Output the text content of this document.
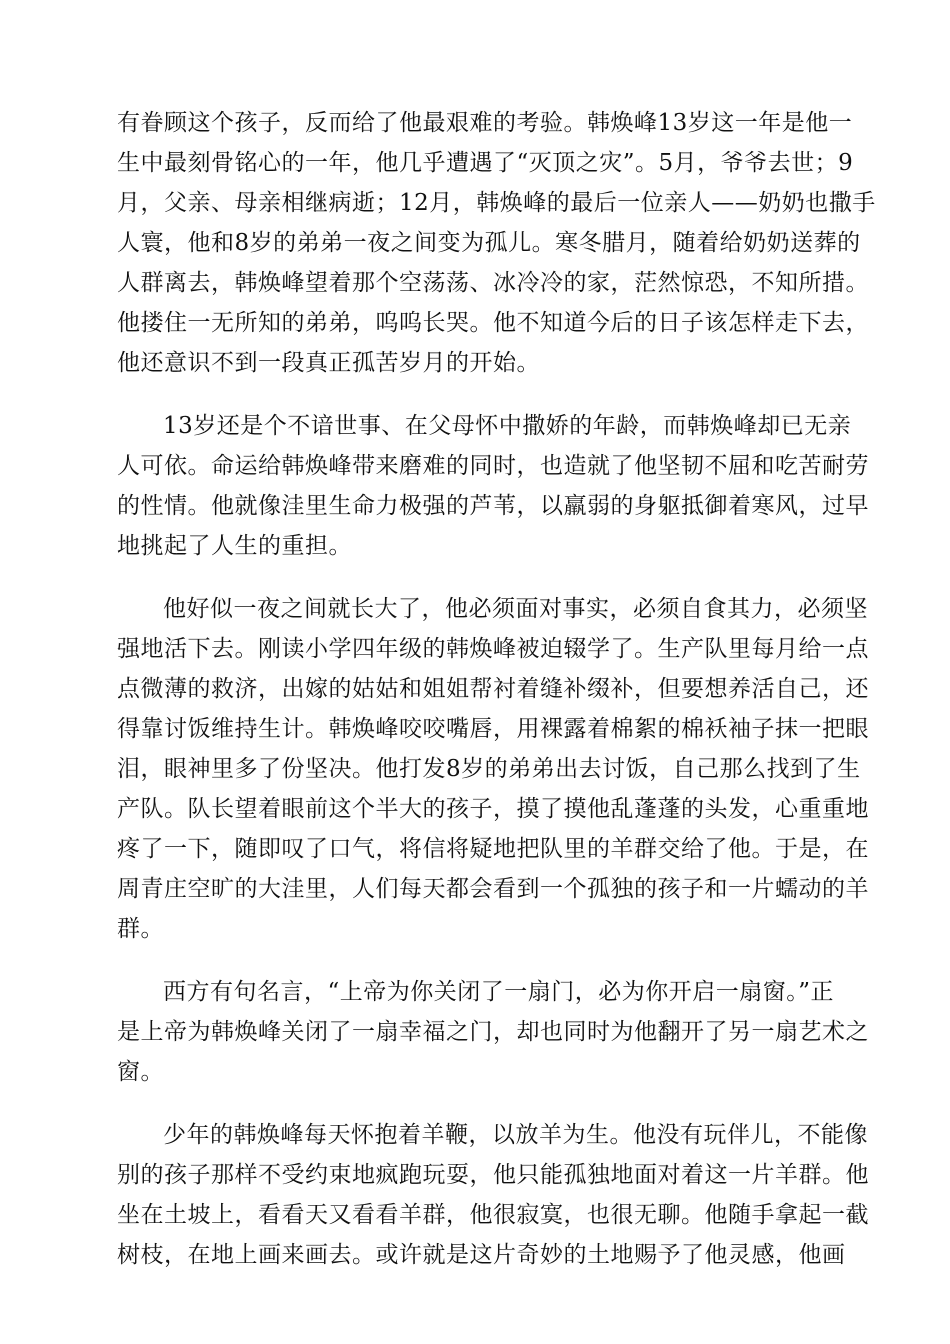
有眷顾这个孩子，反而给了他最艰难的考验。韩焕峰13岁这一年是他一
生中最刻骨铭心的一年，他几乎遭遇了“灭顶之灾”。5月，爷爷去世；9
月，父亲、母亲相继病逝；12月，韩焕峰的最后一位亲人——奶奶也撒手
人寰，他和8岁的弟弟一夜之间变为孤儿。寒冬腊月，随着给奶奶送葬的
人群离去，韩焕峰望着那个空荡荡、冰冷冷的家，茫然惊恐，不知所措。
他搂住一无所知的弟弟，呜呜长哭。他不知道今后的日子该怎样走下去，
他还意识不到一段真正孤苦岁月的开始。

13岁还是个不谙世事、在父母怀中撒娇的年龄，而韩焕峰却已无亲
人可依。命运给韩焕峰带来磨难的同时，也造就了他坚韧不屈和吃苦耐劳
的性情。他就像洼里生命力极强的芦苇，以羸弱的身躯抵御着寒风，过早
地挑起了人生的重担。

他好似一夜之间就长大了，他必须面对事实，必须自食其力，必须坚
强地活下去。刚读小学四年级的韩焕峰被迫辍学了。生产队里每月给一点
点微薄的救济，出嫁的姑姑和姐姐帮衬着缝补缀补，但要想养活自己，还
得靠讨饭维持生计。韩焕峰咬咬嘴唇，用裸露着棉絮的棉袄袖子抹一把眼
泪，眼神里多了份坚决。他打发8岁的弟弟出去讨饭，自己那么找到了生
产队。队长望着眼前这个半大的孩子，摸了摸他乱蓬蓬的头发，心重重地
疼了一下，随即叹了口气，将信将疑地把队里的羊群交给了他。于是，在
周青庄空旷的大洼里，人们每天都会看到一个孤独的孩子和一片蠕动的羊
群。

西方有句名言，“上帝为你关闭了一扇门，必为你开启一扇窗。”正
是上帝为韩焕峰关闭了一扇幸福之门，却也同时为他翻开了另一扇艺术之
窗。

少年的韩焕峰每天怀抱着羊鞭，以放羊为生。他没有玩伴儿，不能像
别的孩子那样不受约束地疯跑玩耍，他只能孤独地面对着这一片羊群。他
坐在土坡上，看看天又看看羊群，他很寂寞，也很无聊。他随手拿起一截
树枝，在地上画来画去。或许就是这片奇妙的土地赐予了他灵感，他画
